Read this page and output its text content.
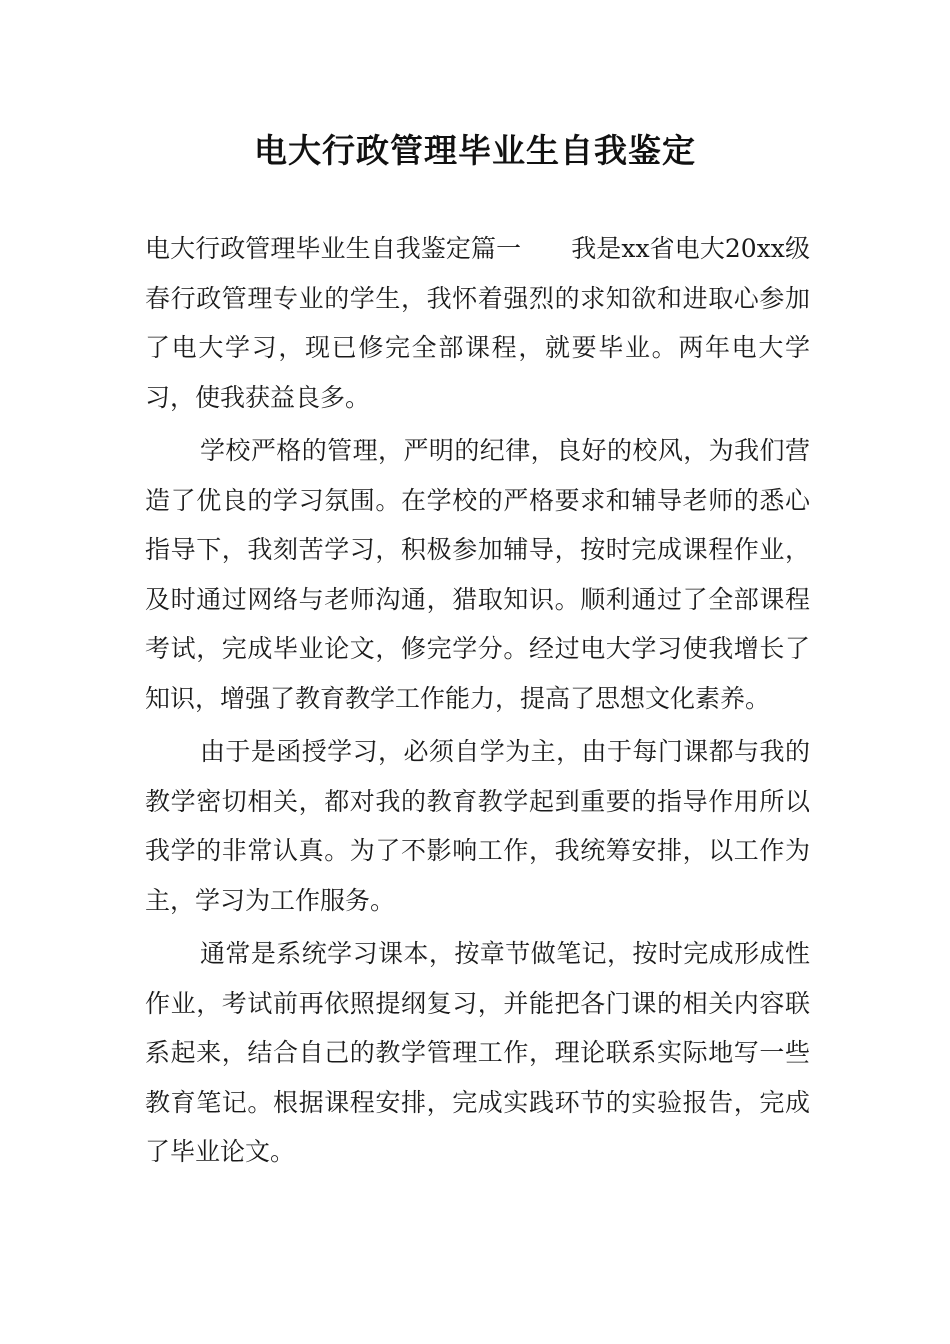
电大行政管理毕业生自我鉴定

电大行政管理毕业生自我鉴定篇一 我是xx省电大20xx级春行政管理专业的学生，我怀着强烈的求知欲和进取心参加了电大学习，现已修完全部课程，就要毕业。两年电大学习，使我获益良多。

学校严格的管理，严明的纪律，良好的校风，为我们营造了优良的学习氛围。在学校的严格要求和辅导老师的悉心指导下，我刻苦学习，积极参加辅导，按时完成课程作业，及时通过网络与老师沟通，猎取知识。顺利通过了全部课程考试，完成毕业论文，修完学分。经过电大学习使我增长了知识，增强了教育教学工作能力，提高了思想文化素养。

由于是函授学习，必须自学为主，由于每门课都与我的教学密切相关，都对我的教育教学起到重要的指导作用所以我学的非常认真。为了不影响工作，我统筹安排，以工作为主，学习为工作服务。

通常是系统学习课本，按章节做笔记，按时完成形成性作业，考试前再依照提纲复习，并能把各门课的相关内容联系起来，结合自己的教学管理工作，理论联系实际地写一些教育笔记。根据课程安排，完成实践环节的实验报告，完成了毕业论文。
